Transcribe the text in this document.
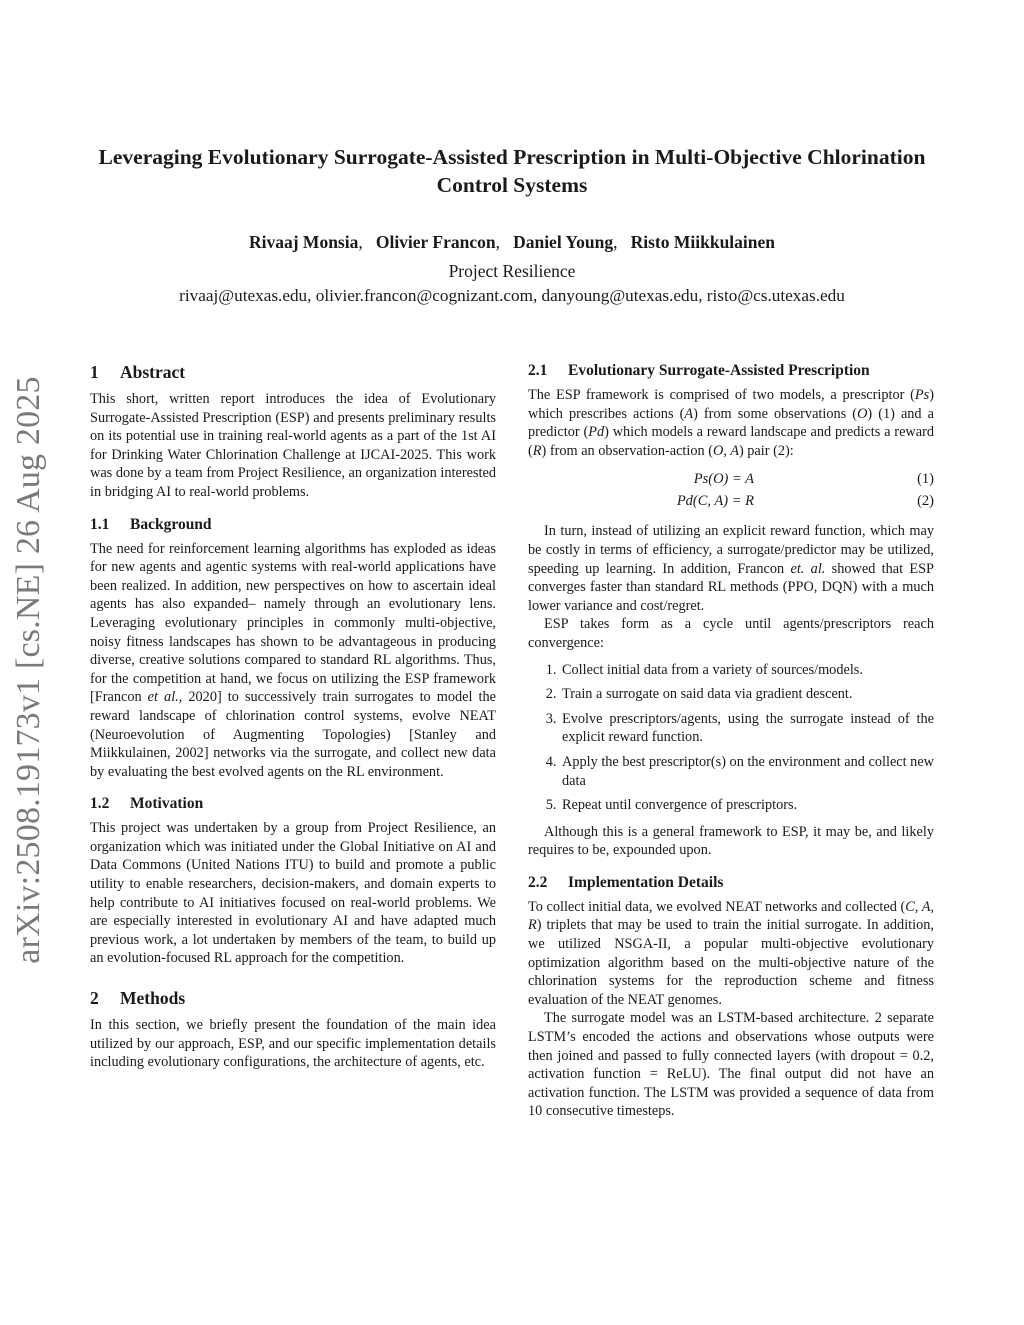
arXiv:2508.19173v1 [cs.NE] 26 Aug 2025
Leveraging Evolutionary Surrogate-Assisted Prescription in Multi-Objective Chlorination Control Systems
Rivaaj Monsia,   Olivier Francon,   Daniel Young,   Risto Miikkulainen
Project Resilience
rivaaj@utexas.edu, olivier.francon@cognizant.com, danyoung@utexas.edu, risto@cs.utexas.edu
1 Abstract

This short, written report introduces the idea of Evolutionary Surrogate-Assisted Prescription (ESP) and presents preliminary results on its potential use in training real-world agents as a part of the 1st AI for Drinking Water Chlorination Challenge at IJCAI-2025. This work was done by a team from Project Resilience, an organization interested in bridging AI to real-world problems.

1.1 Background

The need for reinforcement learning algorithms has exploded as ideas for new agents and agentic systems with real-world applications have been realized. In addition, new perspectives on how to ascertain ideal agents has also expanded– namely through an evolutionary lens. Leveraging evolutionary principles in commonly multi-objective, noisy fitness landscapes has shown to be advantageous in producing diverse, creative solutions compared to standard RL algorithms. Thus, for the competition at hand, we focus on utilizing the ESP framework [Francon et al., 2020] to successively train surrogates to model the reward landscape of chlorination control systems, evolve NEAT (Neuroevolution of Augmenting Topologies) [Stanley and Miikkulainen, 2002] networks via the surrogate, and collect new data by evaluating the best evolved agents on the RL environment.

1.2 Motivation

This project was undertaken by a group from Project Resilience, an organization which was initiated under the Global Initiative on AI and Data Commons (United Nations ITU) to build and promote a public utility to enable researchers, decision-makers, and domain experts to help contribute to AI initiatives focused on real-world problems. We are especially interested in evolutionary AI and have adapted much previous work, a lot undertaken by members of the team, to build up an evolution-focused RL approach for the competition.

2 Methods

In this section, we briefly present the foundation of the main idea utilized by our approach, ESP, and our specific implementation details including evolutionary configurations, the architecture of agents, etc.

2.1 Evolutionary Surrogate-Assisted Prescription

The ESP framework is comprised of two models, a prescriptor (Ps) which prescribes actions (A) from some observations (O) (1) and a predictor (Pd) which models a reward landscape and predicts a reward (R) from an observation-action (O, A) pair (2):

Ps(O) = A	(1)
Pd(C, A) = R	(2)

In turn, instead of utilizing an explicit reward function, which may be costly in terms of efficiency, a surrogate/predictor may be utilized, speeding up learning. In addition, Francon et. al. showed that ESP converges faster than standard RL methods (PPO, DQN) with a much lower variance and cost/regret.

ESP takes form as a cycle until agents/prescriptors reach convergence:

1. Collect initial data from a variety of sources/models.
2. Train a surrogate on said data via gradient descent.
3. Evolve prescriptors/agents, using the surrogate instead of the explicit reward function.
4. Apply the best prescriptor(s) on the environment and collect new data
5. Repeat until convergence of prescriptors.

Although this is a general framework to ESP, it may be, and likely requires to be, expounded upon.

2.2 Implementation Details

To collect initial data, we evolved NEAT networks and collected (C, A, R) triplets that may be used to train the initial surrogate. In addition, we utilized NSGA-II, a popular multi-objective evolutionary optimization algorithm based on the multi-objective nature of the chlorination systems for the reproduction scheme and fitness evaluation of the NEAT genomes.

The surrogate model was an LSTM-based architecture. 2 separate LSTM’s encoded the actions and observations whose outputs were then joined and passed to fully connected layers (with dropout = 0.2, activation function = ReLU). The final output did not have an activation function. The LSTM was provided a sequence of data from 10 consecutive timesteps.
